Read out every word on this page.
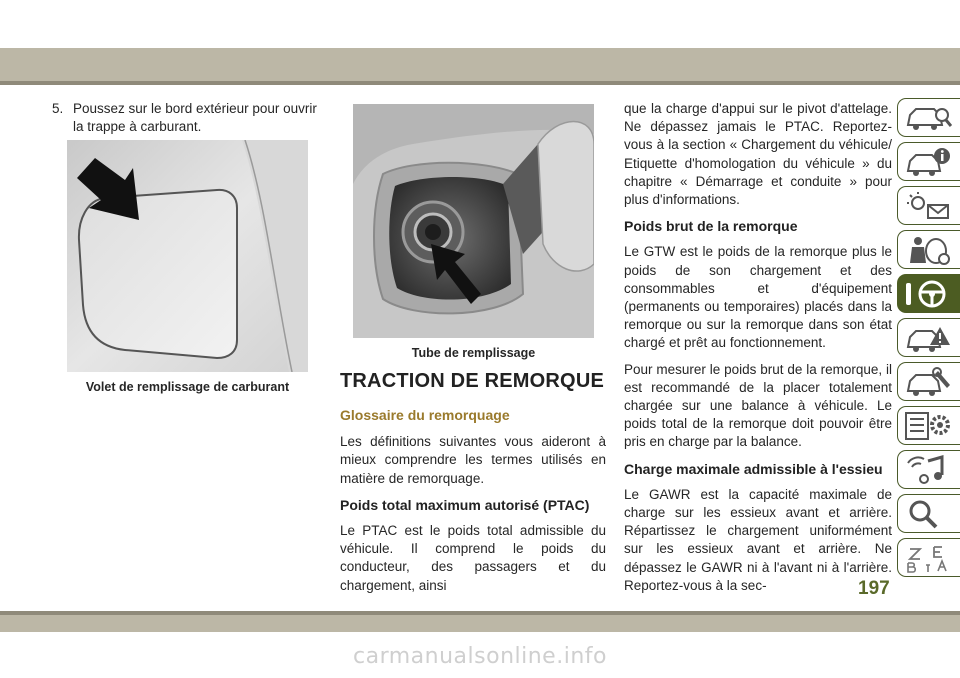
5. Poussez sur le bord extérieur pour ouvrir la trappe à carburant.
Volet de remplissage de carburant
Tube de remplissage
TRACTION DE REMORQUE
Glossaire du remorquage

Les définitions suivantes vous aideront à mieux comprendre les termes utilisés en matière de remorquage.

Poids total maximum autorisé (PTAC)

Le PTAC est le poids total admissible du véhicule. Il comprend le poids du conducteur, des passagers et du chargement, ainsi

que la charge d'appui sur le pivot d'attelage. Ne dépassez jamais le PTAC. Reportez-vous à la section « Chargement du véhicule/ Etiquette d'homologation du véhicule » du chapitre « Démarrage et conduite » pour plus d'informations.

Poids brut de la remorque

Le GTW est le poids de la remorque plus le poids de son chargement et des consommables et d'équipement (permanents ou temporaires) placés dans la remorque ou sur la remorque dans son état chargé et prêt au fonctionnement.

Pour mesurer le poids brut de la remorque, il est recommandé de la placer totalement chargée sur une balance à véhicule. Le poids total de la remorque doit pouvoir être pris en charge par la balance.

Charge maximale admissible à l'essieu

Le GAWR est la capacité maximale de charge sur les essieux avant et arrière. Répartissez le chargement uniformément sur les essieux avant et arrière. Ne dépassez le GAWR ni à l'avant ni à l'arrière. Reportez-vous à la sec-	197
carmanualsonline.info
